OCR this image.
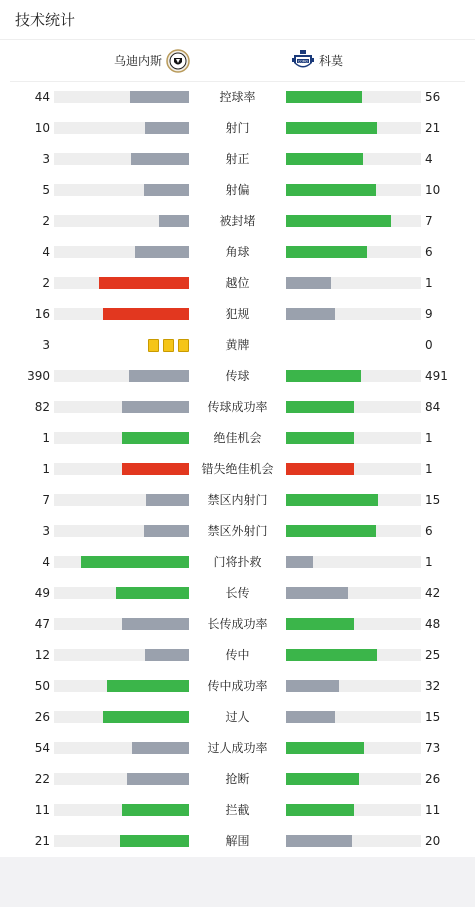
技术统计
乌迪内斯	COMO 科莫
44	控球率	56
10	射门	21
3	射正	4
5	射偏	10
2	被封堵	7
4	角球	6
2	越位	1
16	犯规	9
3	黄牌	0
390	传球	491
82	传球成功率	84
1	绝佳机会	1
1	错失绝佳机会	1
7	禁区内射门	15
3	禁区外射门	6
4	门将扑救	1
49	长传	42
47	长传成功率	48
12	传中	25
50	传中成功率	32
26	过人	15
54	过人成功率	73
22	抢断	26
11	拦截	11
21	解围	20
